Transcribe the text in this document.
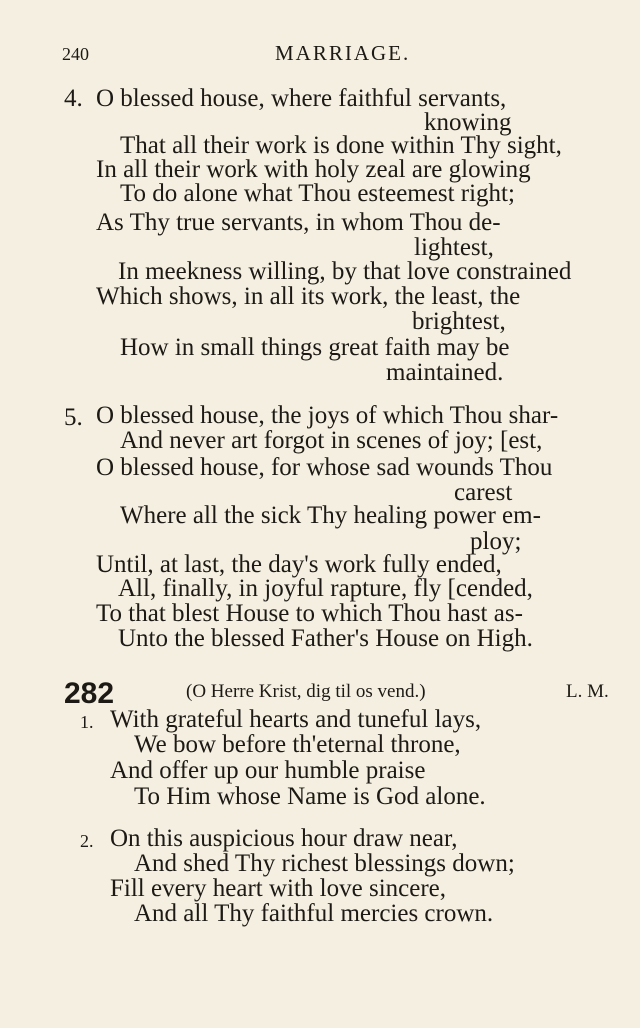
240	MARRIAGE.
4. O blessed house, where faithful servants,
knowing
That all their work is done within Thy sight,
In all their work with holy zeal are glowing
To do alone what Thou esteemest right;
As Thy true servants, in whom Thou de-
lightest,
In meekness willing, by that love constrained
Which shows, in all its work, the least, the
brightest,
How in small things great faith may be
maintained.
5. O blessed house, the joys of which Thou shar-
And never art forgot in scenes of joy; [est,
O blessed house, for whose sad wounds Thou
carest
Where all the sick Thy healing power em-
ploy;
Until, at last, the day's work fully ended,
All, finally, in joyful rapture, fly [cended,
To that blest House to which Thou hast as-
Unto the blessed Father's House on High.
282	(O Herre Krist, dig til os vend.)	L. M.
1. With grateful hearts and tuneful lays,
We bow before th'eternal throne,
And offer up our humble praise
To Him whose Name is God alone.
2. On this auspicious hour draw near,
And shed Thy richest blessings down;
Fill every heart with love sincere,
And all Thy faithful mercies crown.
